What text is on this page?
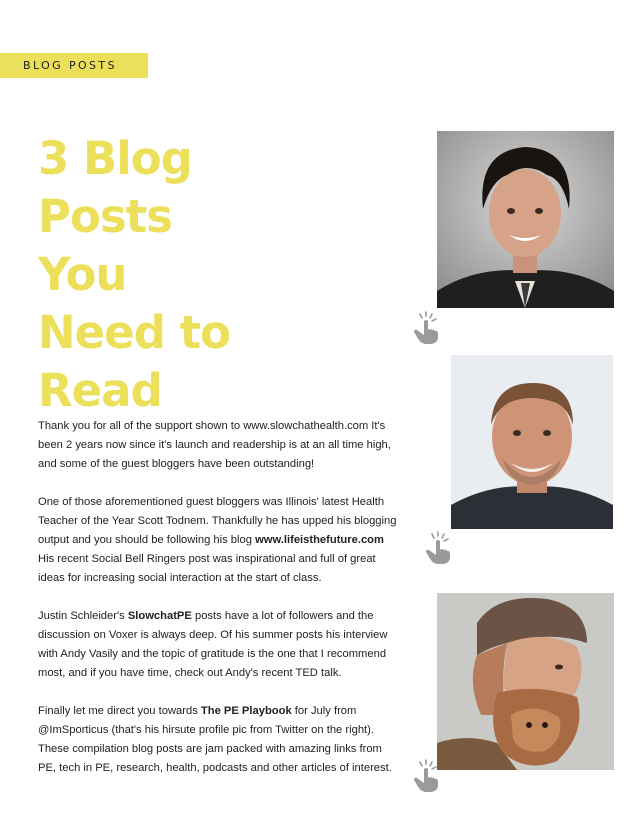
BLOG POSTS
3 Blog
Posts
You
Need to
Read

Thank you for all of the support shown to www.slowchathealth.com It's been 2 years now since it's launch and readership is at an all time high, and some of the guest bloggers have been outstanding!

One of those aforementioned guest bloggers was Illinois' latest Health Teacher of the Year Scott Todnem. Thankfully he has upped his blogging output and you should be following his blog www.lifeisthefuture.com His recent Social Bell Ringers post was inspirational and full of great ideas for increasing social interaction at the start of class.

Justin Schleider's SlowchatPE posts have a lot of followers and the discussion on Voxer is always deep. Of his summer posts his interview with Andy Vasily and the topic of gratitude is the one that I recommend most, and if you have time, check out Andy's recent TED talk.

Finally let me direct you towards The PE Playbook for July from @ImSporticus (that's his hirsute profile pic from Twitter on the right). These compilation blog posts are jam packed with amazing links from PE, tech in PE, research, health, podcasts and other articles of interest.
